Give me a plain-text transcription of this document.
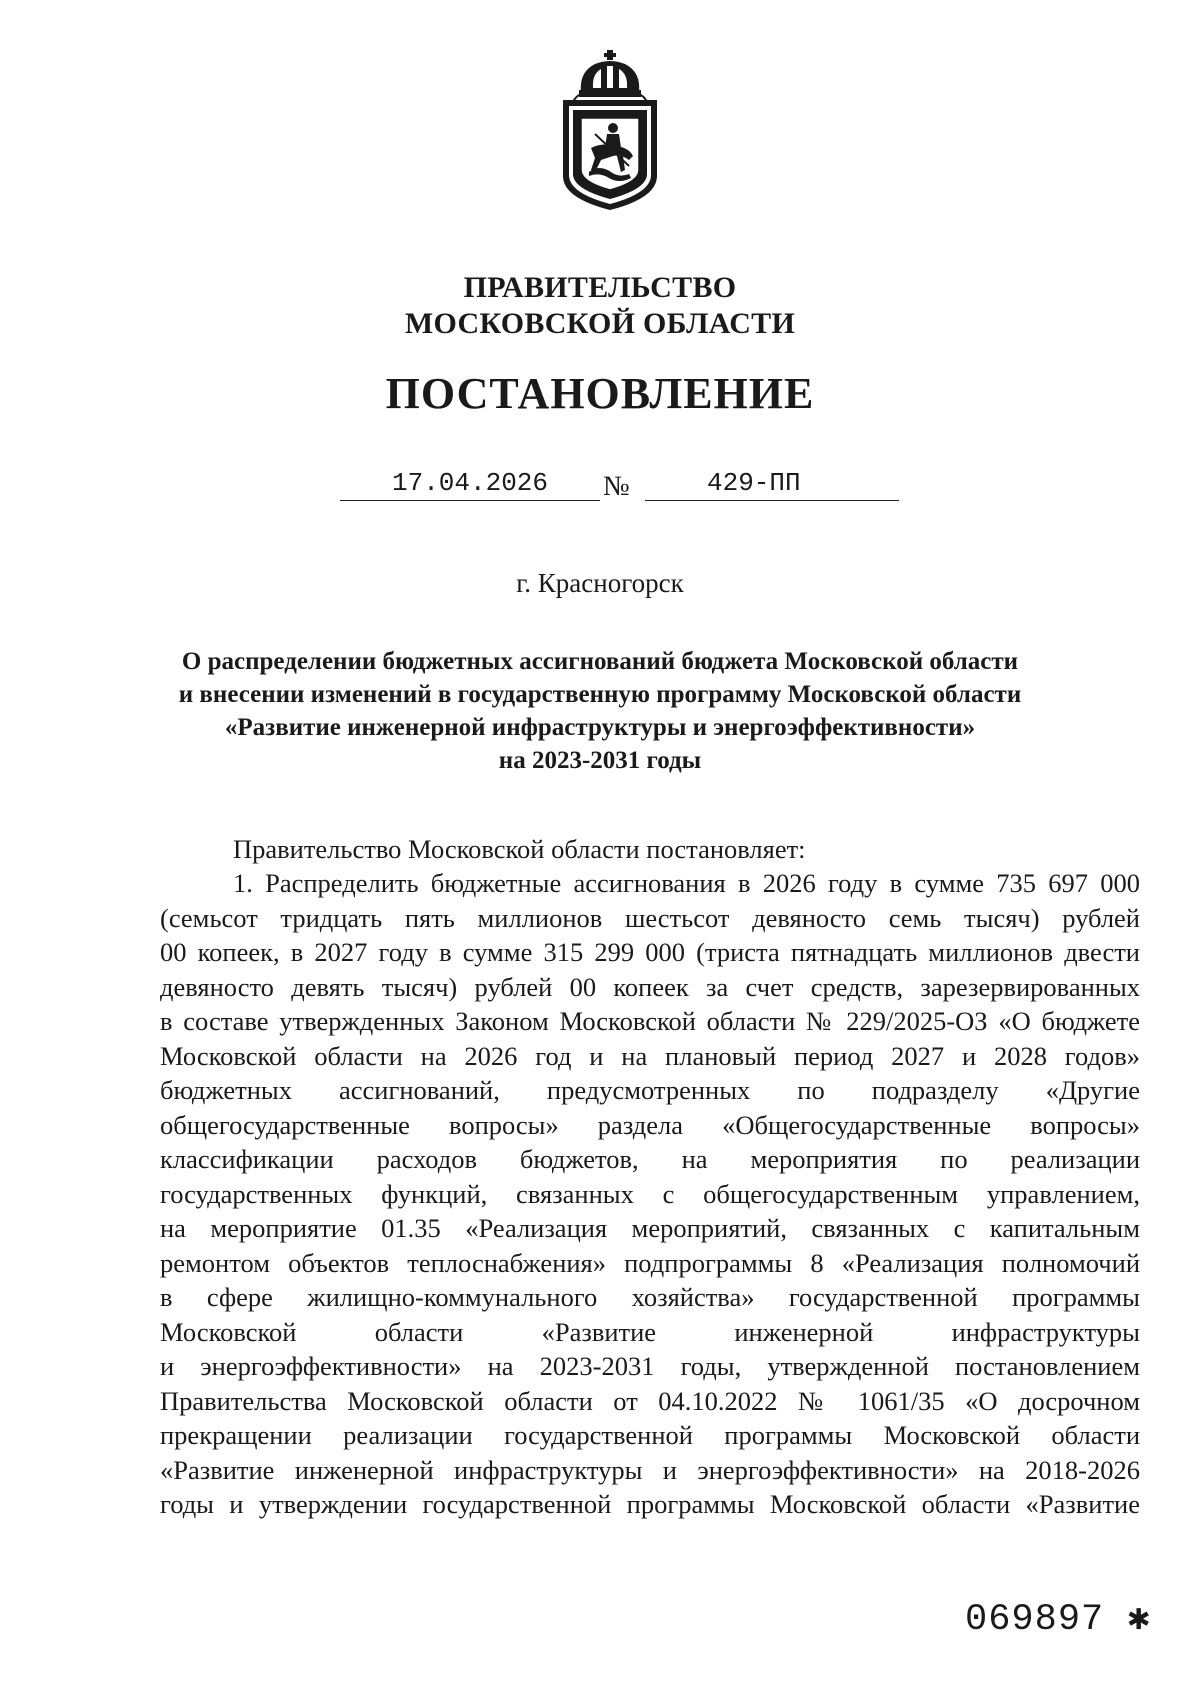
ПРАВИТЕЛЬСТВО
МОСКОВСКОЙ ОБЛАСТИ
ПОСТАНОВЛЕНИЕ
17.04.2026	№	429-ПП
г. Красногорск
О распределении бюджетных ассигнований бюджета Московской области
и внесении изменений в государственную программу Московской области
«Развитие инженерной инфраструктуры и энергоэффективности»
на 2023-2031 годы
Правительство Московской области постановляет:
1. Распределить бюджетные ассигнования в 2026 году в сумме 735 697 000
(семьсот тридцать пять миллионов шестьсот девяносто семь тысяч) рублей
00 копеек, в 2027 году в сумме 315 299 000 (триста пятнадцать миллионов двести
девяносто девять тысяч) рублей 00 копеек за счет средств, зарезервированных
в составе утвержденных Законом Московской области № 229/2025-ОЗ «О бюджете
Московской области на 2026 год и на плановый период 2027 и 2028 годов»
бюджетных ассигнований, предусмотренных по подразделу «Другие
общегосударственные вопросы» раздела «Общегосударственные вопросы»
классификации расходов бюджетов, на мероприятия по реализации
государственных функций, связанных с общегосударственным управлением,
на мероприятие 01.35 «Реализация мероприятий, связанных с капитальным
ремонтом объектов теплоснабжения» подпрограммы 8 «Реализация полномочий
в сфере жилищно-коммунального хозяйства» государственной программы
Московской области «Развитие инженерной инфраструктуры
и энергоэффективности» на 2023-2031 годы, утвержденной постановлением
Правительства Московской области от 04.10.2022 № 1061/35 «О досрочном
прекращении реализации государственной программы Московской области
«Развитие инженерной инфраструктуры и энергоэффективности» на 2018-2026
годы и утверждении государственной программы Московской области «Развитие
069897 ✱
